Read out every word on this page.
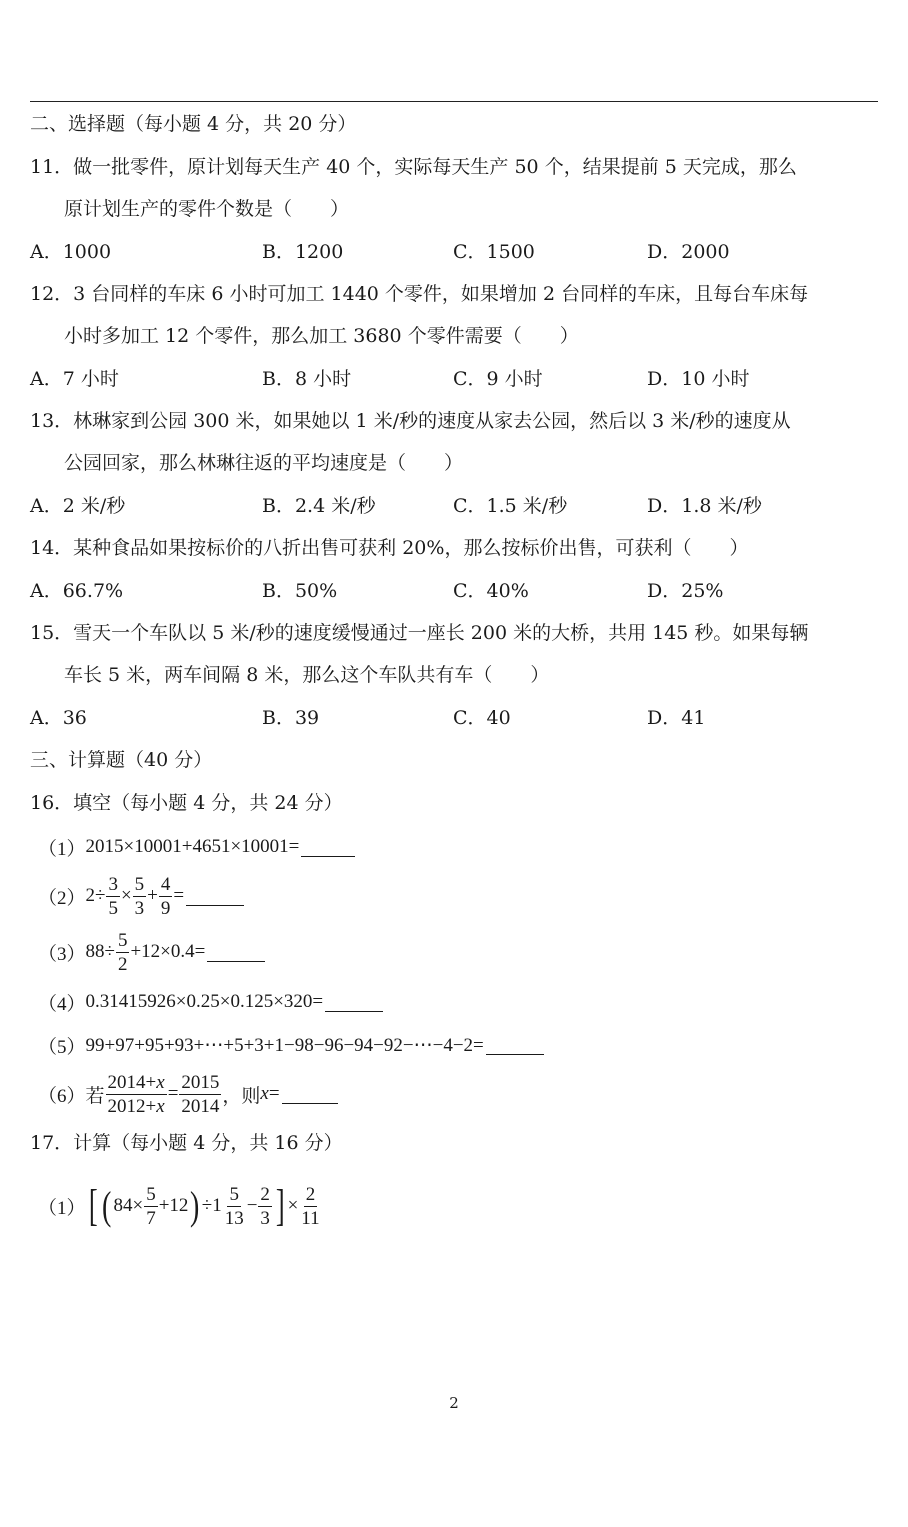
二、选择题（每小题 4 分，共 20 分）
11．做一批零件，原计划每天生产 40 个，实际每天生产 50 个，结果提前 5 天完成，那么
原计划生产的零件个数是（　　）
A．1000	B．1200	C．1500	D．2000
12．3 台同样的车床 6 小时可加工 1440 个零件，如果增加 2 台同样的车床，且每台车床每
小时多加工 12 个零件，那么加工 3680 个零件需要（　　）
A．7 小时	B．8 小时	C．9 小时	D．10 小时
13．林琳家到公园 300 米，如果她以 1 米/秒的速度从家去公园，然后以 3 米/秒的速度从
公园回家，那么林琳往返的平均速度是（　　）
A．2 米/秒	B．2.4 米/秒	C．1.5 米/秒	D．1.8 米/秒
14．某种食品如果按标价的八折出售可获利 20%，那么按标价出售，可获利（　　）
A．66.7%	B．50%	C．40%	D．25%
15．雪天一个车队以 5 米/秒的速度缓慢通过一座长 200 米的大桥，共用 145 秒。如果每辆
车长 5 米，两车间隔 8 米，那么这个车队共有车（　　）
A．36	B．39	C．40	D．41
三、计算题（40 分）
16．填空（每小题 4 分，共 24 分）
（1） 2015×10001+4651×10001=
（2） $2\div \frac{3}{5} \times \frac{5}{3} + \frac{4}{9}$ =
（3） $88\div \frac{5}{2} +12\times 0.4=$
（4） 0.31415926×0.25×0.125×320=
（5） 99+97+95+93+⋯+5+3+1−98−96−94−92−⋯−4−2=
（6） 若 $\frac{2014+x}{2012+x} = \frac{2015}{2014}$ ，则 x =
17．计算（每小题 4 分，共 16 分）
（1） [ ( $84\times \frac{5}{7} +12$ ) $\div 1 \frac{5}{13} - \frac{2}{3}$ ] × $\frac{2}{11}$
2
